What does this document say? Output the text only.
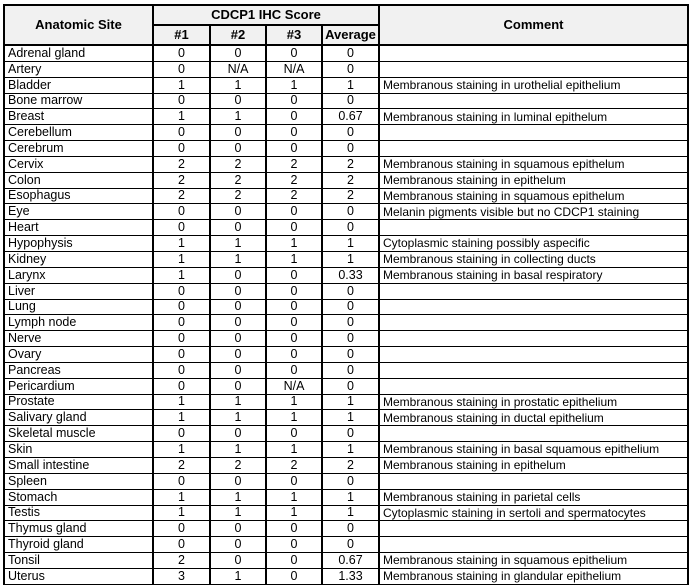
Anatomic Site	CDCP1 IHC Score				Comment
	#1	#2	#3	Average	
Adrenal gland	0	0	0	0	
Artery	0	N/A	N/A	0	
Bladder	1	1	1	1	Membranous staining in urothelial epithelium
Bone marrow	0	0	0	0	
Breast	1	1	0	0.67	Membranous staining in luminal epithelum
Cerebellum	0	0	0	0	
Cerebrum	0	0	0	0	
Cervix	2	2	2	2	Membranous staining in squamous epithelum
Colon	2	2	2	2	Membranous staining in epithelum
Esophagus	2	2	2	2	Membranous staining in squamous epithelum
Eye	0	0	0	0	Melanin pigments visible but no CDCP1 staining
Heart	0	0	0	0	
Hypophysis	1	1	1	1	Cytoplasmic staining possibly aspecific
Kidney	1	1	1	1	Membranous staining in collecting ducts
Larynx	1	0	0	0.33	Membranous staining in basal respiratory
Liver	0	0	0	0	
Lung	0	0	0	0	
Lymph node	0	0	0	0	
Nerve	0	0	0	0	
Ovary	0	0	0	0	
Pancreas	0	0	0	0	
Pericardium	0	0	N/A	0	
Prostate	1	1	1	1	Membranous staining in prostatic epithelium
Salivary gland	1	1	1	1	Membranous staining in ductal epithelium
Skeletal muscle	0	0	0	0	
Skin	1	1	1	1	Membranous staining in basal squamous epithelium
Small intestine	2	2	2	2	Membranous staining in epithelum
Spleen	0	0	0	0	
Stomach	1	1	1	1	Membranous staining in parietal cells
Testis	1	1	1	1	Cytoplasmic staining in sertoli and spermatocytes
Thymus gland	0	0	0	0	
Thyroid gland	0	0	0	0	
Tonsil	2	0	0	0.67	Membranous staining in squamous epithelium
Uterus	3	1	0	1.33	Membranous staining in glandular epithelium
